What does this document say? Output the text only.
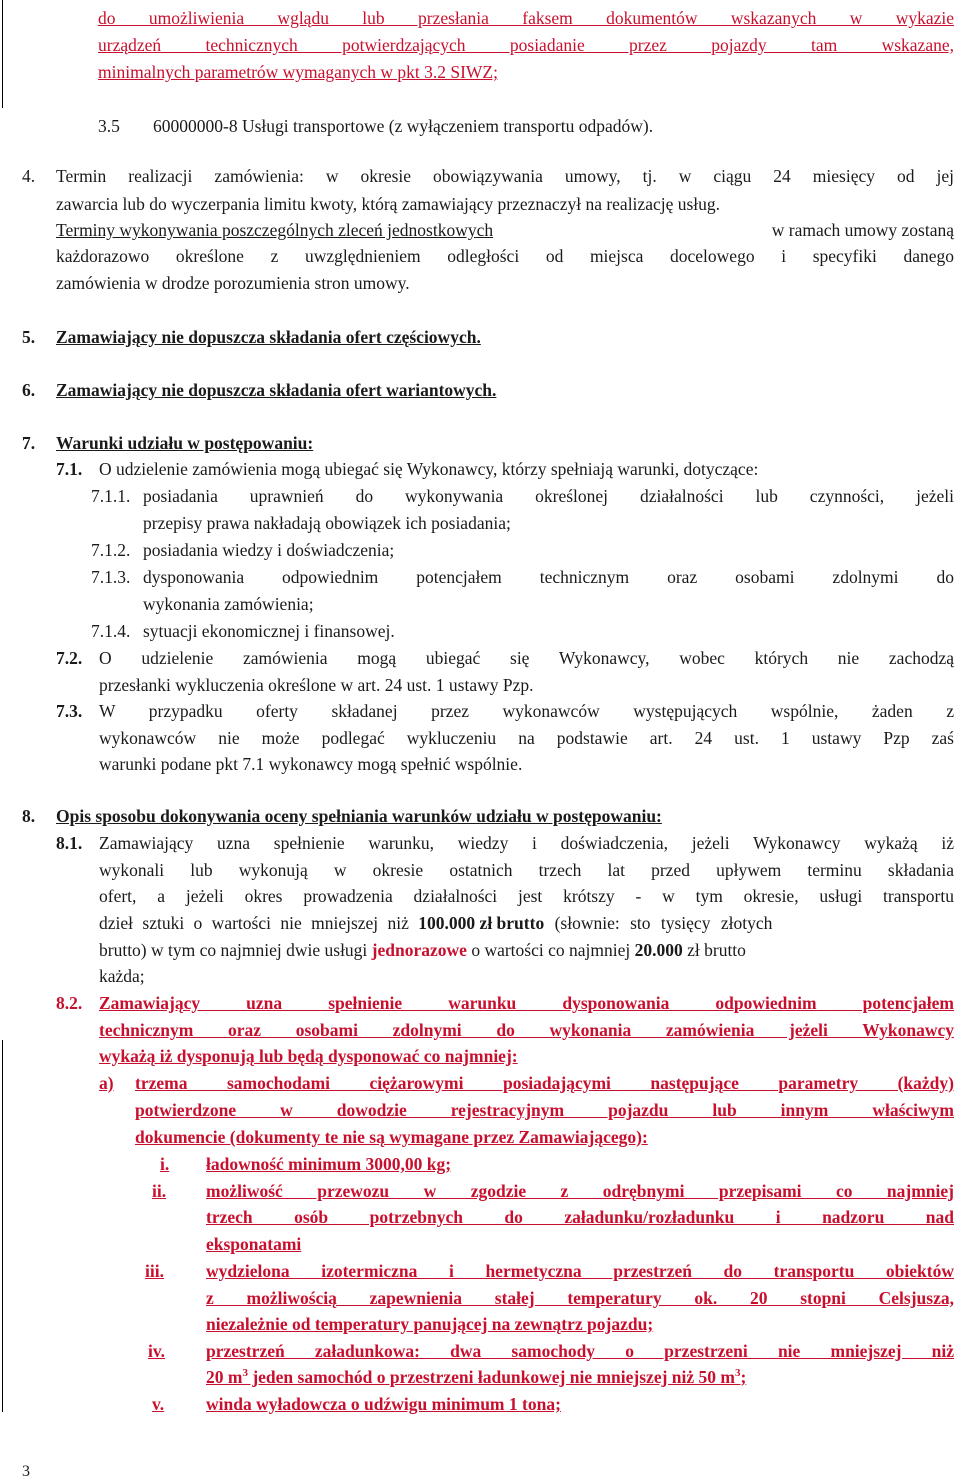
do umożliwienia wglądu lub przesłania faksem dokumentów wskazanych w wykazie
urządzeń technicznych potwierdzających posiadanie przez pojazdy tam wskazane,
minimalnych parametrów wymaganych w pkt 3.2 SIWZ;
3.5 60000000-8 Usługi transportowe (z wyłączeniem transportu odpadów).
4. Termin realizacji zamówienia: w okresie obowiązywania umowy, tj. w ciągu 24 miesięcy od jej
zawarcia lub do wyczerpania limitu kwoty, którą zamawiający przeznaczył na realizację usług.
Terminy wykonywania poszczególnych zleceń jednostkowych	w ramach umowy zostaną
każdorazowo określone z uwzględnieniem odległości od miejsca docelowego i specyfiki danego
zamówienia w drodze porozumienia stron umowy.
5. Zamawiający nie dopuszcza składania ofert częściowych.
6. Zamawiający nie dopuszcza składania ofert wariantowych.
7. Warunki udziału w postępowaniu:
7.1. O udzielenie zamówienia mogą ubiegać się Wykonawcy, którzy spełniają warunki, dotyczące:
7.1.1. posiadania uprawnień do wykonywania określonej działalności lub czynności, jeżeli
przepisy prawa nakładają obowiązek ich posiadania;
7.1.2. posiadania wiedzy i doświadczenia;
7.1.3. dysponowania odpowiednim potencjałem technicznym oraz osobami zdolnymi do
wykonania zamówienia;
7.1.4. sytuacji ekonomicznej i finansowej.
7.2. O udzielenie zamówienia mogą ubiegać się Wykonawcy, wobec których nie zachodzą
przesłanki wykluczenia określone w art. 24 ust. 1 ustawy Pzp.
7.3. W przypadku oferty składanej przez wykonawców występujących wspólnie, żaden z
wykonawców nie może podlegać wykluczeniu na podstawie art. 24 ust. 1 ustawy Pzp zaś
warunki podane pkt 7.1 wykonawcy mogą spełnić wspólnie.
8. Opis sposobu dokonywania oceny spełniania warunków udziału w postępowaniu:
8.1. Zamawiający uzna spełnienie warunku, wiedzy i doświadczenia, jeżeli Wykonawcy wykażą iż
wykonali lub wykonują w okresie ostatnich trzech lat przed upływem terminu składania
ofert, a jeżeli okres prowadzenia działalności jest krótszy - w tym okresie, usługi transportu
dzieł sztuki o wartości nie mniejszej niż 100.000 zł brutto (słownie: sto tysięcy złotych
brutto) w tym co najmniej dwie usługi jednorazowe o wartości co najmniej 20.000 zł brutto
każda;
8.2. Zamawiający uzna spełnienie warunku dysponowania odpowiednim potencjałem
technicznym oraz osobami zdolnymi do wykonania zamówienia jeżeli Wykonawcy
wykażą iż dysponują lub będą dysponować co najmniej:
a) trzema samochodami ciężarowymi posiadającymi następujące parametry (każdy)
potwierdzone w dowodzie rejestracyjnym pojazdu lub innym właściwym
dokumencie (dokumenty te nie są wymagane przez Zamawiającego):
i. ładowność minimum 3000,00 kg;
ii. możliwość przewozu w zgodzie z odrębnymi przepisami co najmniej
trzech osób potrzebnych do załadunku/rozładunku i nadzoru nad
eksponatami
iii. wydzielona izotermiczna i hermetyczna przestrzeń do transportu obiektów
z możliwością zapewnienia stałej temperatury ok. 20 stopni Celsjusza,
niezależnie od temperatury panującej na zewnątrz pojazdu;
iv. przestrzeń załadunkowa: dwa samochody o przestrzeni nie mniejszej niż
20 $m^3$ jeden samochód o przestrzeni ładunkowej nie mniejszej niż 50 $m^3$;
v. winda wyładowcza o udźwigu minimum 1 tona;
3
